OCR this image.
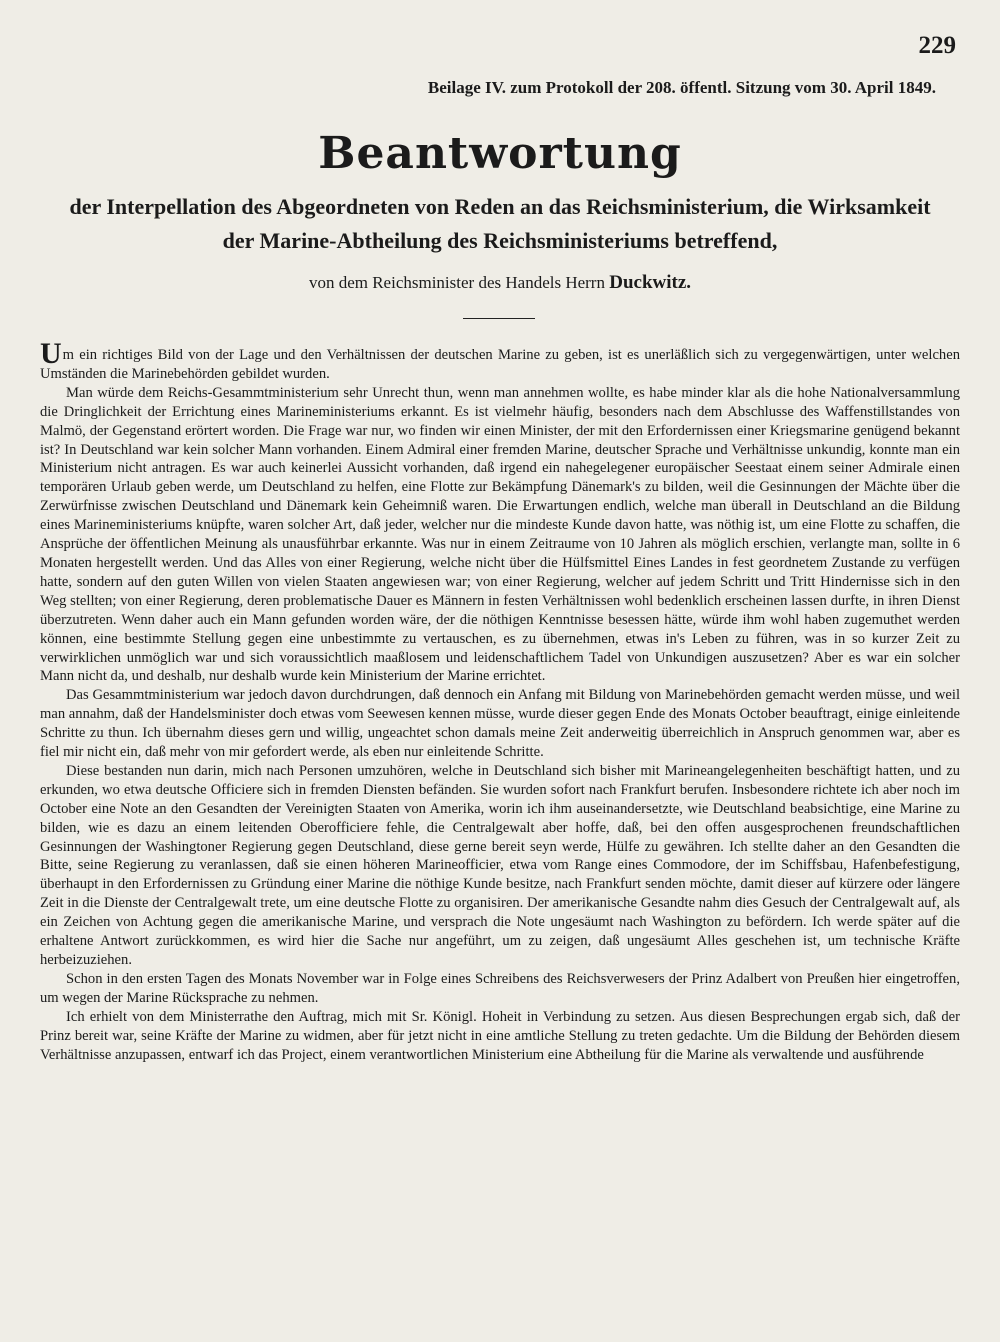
229
Beilage IV. zum Protokoll der 208. öffentl. Sitzung vom 30. April 1849.
Beantwortung
der Interpellation des Abgeordneten von Reden an das Reichsministerium, die Wirksamkeit
der Marine-Abtheilung des Reichsministeriums betreffend,
von dem Reichsminister des Handels Herrn Duckwitz.

Um ein richtiges Bild von der Lage und den Verhältnissen der deutschen Marine zu geben, ist es unerläßlich sich zu vergegenwärtigen, unter welchen Umständen die Marinebehörden gebildet wurden.

Man würde dem Reichs-Gesammtministerium sehr Unrecht thun, wenn man annehmen wollte, es habe minder klar als die hohe Nationalversammlung die Dringlichkeit der Errichtung eines Marineministeriums erkannt. Es ist vielmehr häufig, besonders nach dem Abschlusse des Waffenstillstandes von Malmö, der Gegenstand erörtert worden. Die Frage war nur, wo finden wir einen Minister, der mit den Erfordernissen einer Kriegsmarine genügend bekannt ist? In Deutschland war kein solcher Mann vorhanden. Einem Admiral einer fremden Marine, deutscher Sprache und Verhältnisse unkundig, konnte man ein Ministerium nicht antragen. Es war auch keinerlei Aussicht vorhanden, daß irgend ein nahegelegener europäischer Seestaat einem seiner Admirale einen temporären Urlaub geben werde, um Deutschland zu helfen, eine Flotte zur Bekämpfung Dänemark's zu bilden, weil die Gesinnungen der Mächte über die Zerwürfnisse zwischen Deutschland und Dänemark kein Geheimniß waren. Die Erwartungen endlich, welche man überall in Deutschland an die Bildung eines Marineministeriums knüpfte, waren solcher Art, daß jeder, welcher nur die mindeste Kunde davon hatte, was nöthig ist, um eine Flotte zu schaffen, die Ansprüche der öffentlichen Meinung als unausführbar erkannte. Was nur in einem Zeitraume von 10 Jahren als möglich erschien, verlangte man, sollte in 6 Monaten hergestellt werden. Und das Alles von einer Regierung, welche nicht über die Hülfsmittel Eines Landes in fest geordnetem Zustande zu verfügen hatte, sondern auf den guten Willen von vielen Staaten angewiesen war; von einer Regierung, welcher auf jedem Schritt und Tritt Hindernisse sich in den Weg stellten; von einer Regierung, deren problematische Dauer es Männern in festen Verhältnissen wohl bedenklich erscheinen lassen durfte, in ihren Dienst überzutreten. Wenn daher auch ein Mann gefunden worden wäre, der die nöthigen Kenntnisse besessen hätte, würde ihm wohl haben zugemuthet werden können, eine bestimmte Stellung gegen eine unbestimmte zu vertauschen, es zu übernehmen, etwas in's Leben zu führen, was in so kurzer Zeit zu verwirklichen unmöglich war und sich voraussichtlich maaßlosem und leidenschaftlichem Tadel von Unkundigen auszusetzen? Aber es war ein solcher Mann nicht da, und deshalb, nur deshalb wurde kein Ministerium der Marine errichtet.

Das Gesammtministerium war jedoch davon durchdrungen, daß dennoch ein Anfang mit Bildung von Marinebehörden gemacht werden müsse, und weil man annahm, daß der Handelsminister doch etwas vom Seewesen kennen müsse, wurde dieser gegen Ende des Monats October beauftragt, einige einleitende Schritte zu thun. Ich übernahm dieses gern und willig, ungeachtet schon damals meine Zeit anderweitig überreichlich in Anspruch genommen war, aber es fiel mir nicht ein, daß mehr von mir gefordert werde, als eben nur einleitende Schritte.

Diese bestanden nun darin, mich nach Personen umzuhören, welche in Deutschland sich bisher mit Marineangelegenheiten beschäftigt hatten, und zu erkunden, wo etwa deutsche Officiere sich in fremden Diensten befänden. Sie wurden sofort nach Frankfurt berufen. Insbesondere richtete ich aber noch im October eine Note an den Gesandten der Vereinigten Staaten von Amerika, worin ich ihm auseinandersetzte, wie Deutschland beabsichtige, eine Marine zu bilden, wie es dazu an einem leitenden Oberofficiere fehle, die Centralgewalt aber hoffe, daß, bei den offen ausgesprochenen freundschaftlichen Gesinnungen der Washingtoner Regierung gegen Deutschland, diese gerne bereit seyn werde, Hülfe zu gewähren. Ich stellte daher an den Gesandten die Bitte, seine Regierung zu veranlassen, daß sie einen höheren Marineofficier, etwa vom Range eines Commodore, der im Schiffsbau, Hafenbefestigung, überhaupt in den Erfordernissen zu Gründung einer Marine die nöthige Kunde besitze, nach Frankfurt senden möchte, damit dieser auf kürzere oder längere Zeit in die Dienste der Centralgewalt trete, um eine deutsche Flotte zu organisiren. Der amerikanische Gesandte nahm dies Gesuch der Centralgewalt auf, als ein Zeichen von Achtung gegen die amerikanische Marine, und versprach die Note ungesäumt nach Washington zu befördern. Ich werde später auf die erhaltene Antwort zurückkommen, es wird hier die Sache nur angeführt, um zu zeigen, daß ungesäumt Alles geschehen ist, um technische Kräfte herbeizuziehen.

Schon in den ersten Tagen des Monats November war in Folge eines Schreibens des Reichsverwesers der Prinz Adalbert von Preußen hier eingetroffen, um wegen der Marine Rücksprache zu nehmen.

Ich erhielt von dem Ministerrathe den Auftrag, mich mit Sr. Königl. Hoheit in Verbindung zu setzen. Aus diesen Besprechungen ergab sich, daß der Prinz bereit war, seine Kräfte der Marine zu widmen, aber für jetzt nicht in eine amtliche Stellung zu treten gedachte. Um die Bildung der Behörden diesem Verhältnisse anzupassen, entwarf ich das Project, einem verantwortlichen Ministerium eine Abtheilung für die Marine als verwaltende und ausführende
